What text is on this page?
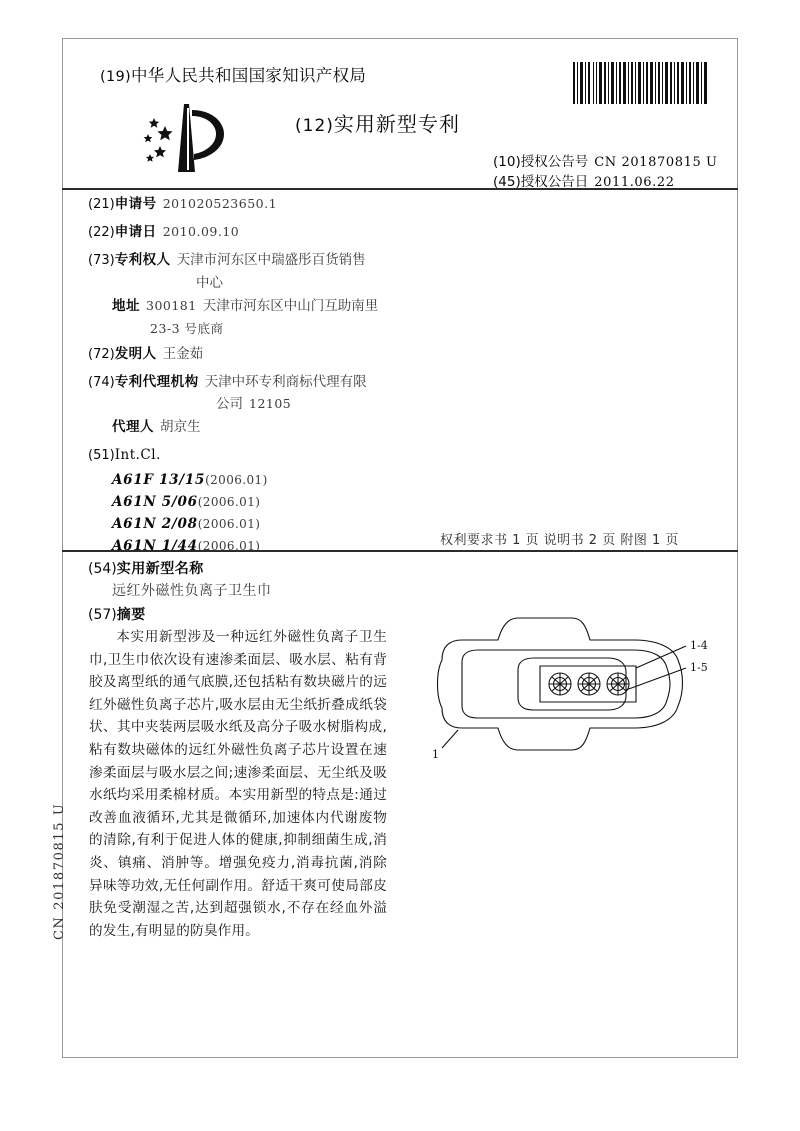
(19)中华人民共和国国家知识产权局
(12)实用新型专利
(10)授权公告号 CN 201870815 U
(45)授权公告日 2011.06.22
(21)申请号 201020523650.1
(22)申请日 2010.09.10
(73)专利权人 天津市河东区中瑞盛彤百货销售
中心
地址 300181 天津市河东区中山门互助南里
23-3 号底商
(72)发明人 王金茹
(74)专利代理机构 天津中环专利商标代理有限
公司 12105
代理人 胡京生
(51)Int.Cl.
A61F 13/15(2006.01)
A61N 5/06(2006.01)
A61N 2/08(2006.01)
A61N 1/44(2006.01)	权利要求书 1 页 说明书 2 页 附图 1 页
(54)实用新型名称
远红外磁性负离子卫生巾
(57)摘要

本实用新型涉及一种远红外磁性负离子卫生巾,卫生巾依次设有速渗柔面层、吸水层、粘有背胶及离型纸的通气底膜,还包括粘有数块磁片的远红外磁性负离子芯片,吸水层由无尘纸折叠成纸袋状、其中夹装两层吸水纸及高分子吸水树脂构成,粘有数块磁体的远红外磁性负离子芯片设置在速渗柔面层与吸水层之间;速渗柔面层、无尘纸及吸水纸均采用柔棉材质。本实用新型的特点是:通过改善血液循环,尤其是微循环,加速体内代谢废物的清除,有利于促进人体的健康,抑制细菌生成,消炎、镇痛、消肿等。增强免疫力,消毒抗菌,消除异味等功效,无任何副作用。舒适干爽可使局部皮肤免受潮湿之苦,达到超强锁水,不存在经血外溢的发生,有明显的防臭作用。

1-4
1-5
1
CN 201870815 U
